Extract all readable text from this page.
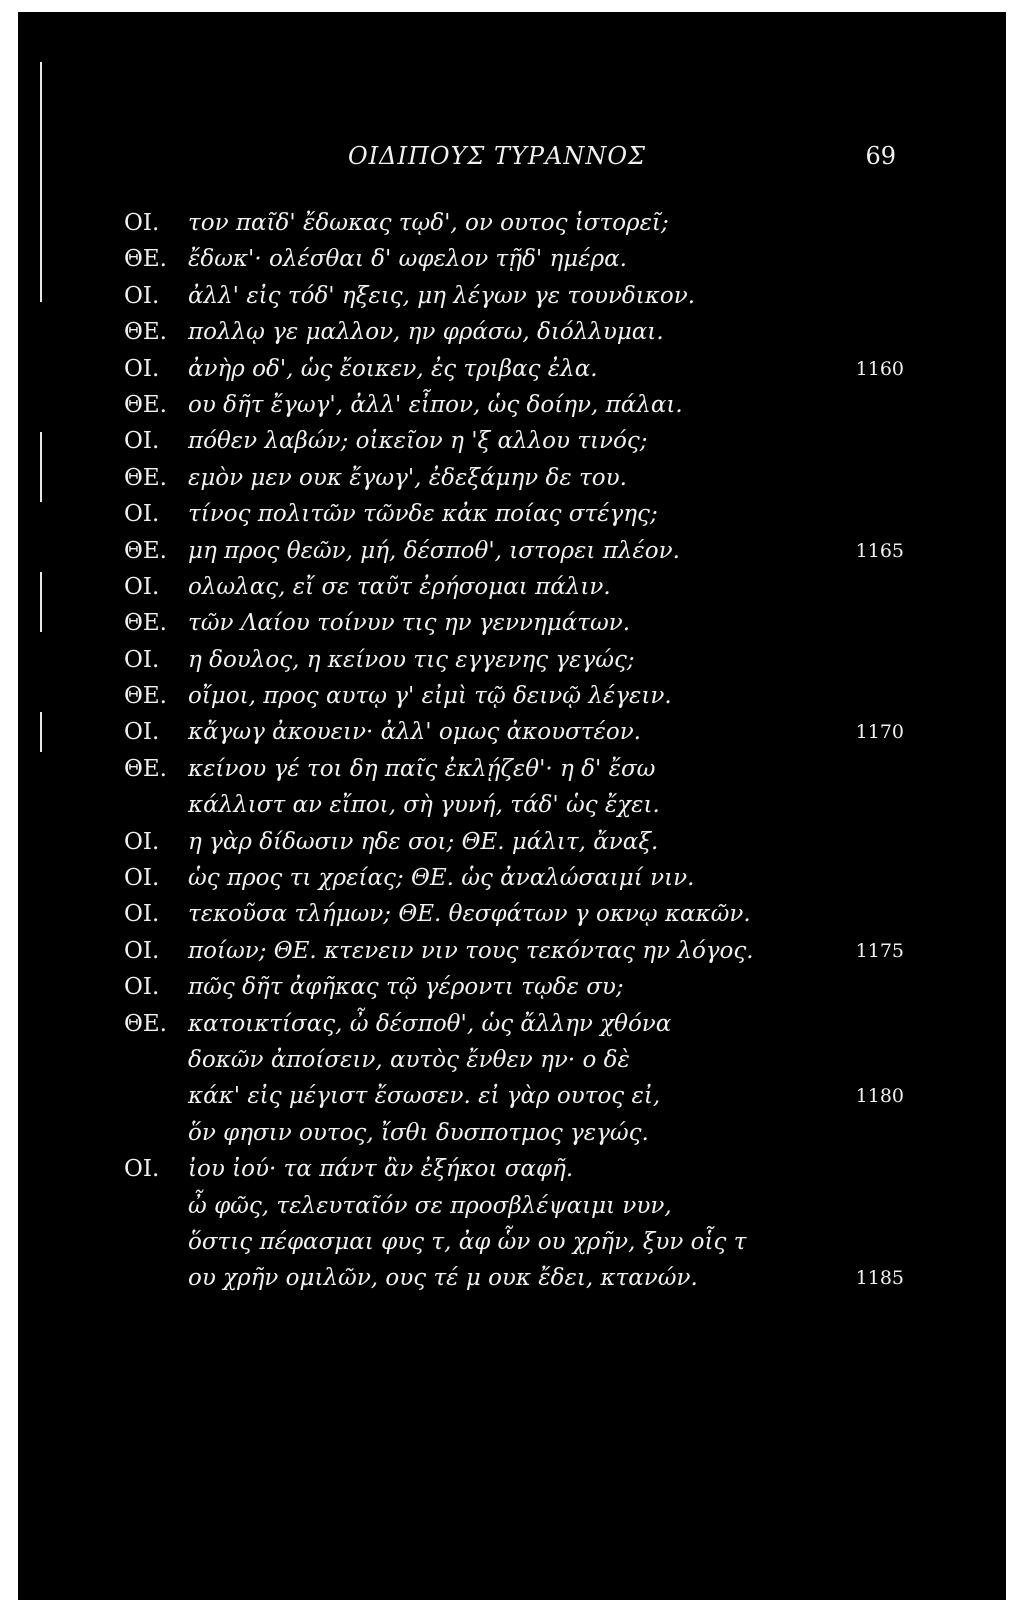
ΟΙΔΙΠΟΥΣ ΤΥΡΑΝΝΟΣ	69
ΟΙ. τον παῖδ' ἔδωκας τῳδ', ον ουτος ἱστορεῖ;
ΘΕ. ἔδωκ'· ολέσθαι δ' ωφελον τῇδ' ημέρα.
ΟΙ. ἀλλ' εἰς τόδ' ηξεις, μη λέγων γε τουνδικον.
ΘΕ. πολλῳ γε μαλλον, ην φράσω, διόλλυμαι.
ΟΙ. ἀνὴρ οδ', ὡς ἔοικεν, ἐς τριβας ἐλα.	1160
ΘΕ. ου δῆτ ἔγωγ', ἀλλ' εἶπον, ὡς δοίην, πάλαι.
ΟΙ. πόθεν λαβών; οἰκεῖον η 'ξ αλλου τινός;
ΘΕ. εμὸν μεν ουκ ἔγωγ', ἐδεξάμην δε του.
ΟΙ. τίνος πολιτῶν τῶνδε κἀκ ποίας στέγης;
ΘΕ. μη προς θεῶν, μή, δέσποθ', ιστορει πλέον.	1165
ΟΙ. ολωλας, εἴ σε ταῦτ ἐρήσομαι πάλιν.
ΘΕ. τῶν Λαίου τοίνυν τις ην γεννημάτων.
ΟΙ. η δουλος, η κείνου τις εγγενης γεγώς;
ΘΕ. οἴμοι, προς αυτῳ γ' εἰμὶ τῷ δεινῷ λέγειν.
ΟΙ. κἄγωγ ἀκουειν· ἀλλ' ομως ἀκουστέον.	1170
ΘΕ. κείνου γέ τοι δη παῖς ἐκλῄζεθ'· η δ' ἔσω
κάλλιστ αν εἴποι, σὴ γυνή, τάδ' ὡς ἔχει.
ΟΙ. η γὰρ δίδωσιν ηδε σοι; ΘΕ. μάλιτ, ἄναξ.
ΟΙ. ὡς προς τι χρείας; ΘΕ. ὡς ἀναλώσαιμί νιν.
ΟΙ. τεκοῦσα τλήμων; ΘΕ. θεσφάτων γ οκνῳ κακῶν.
ΟΙ. ποίων; ΘΕ. κτενειν νιν τους τεκόντας ην λόγος.	1175
ΟΙ. πῶς δῆτ ἀφῆκας τῷ γέροντι τῳδε συ;
ΘΕ. κατοικτίσας, ὦ δέσποθ', ὡς ἄλλην χθόνα
δοκῶν ἀποίσειν, αυτὸς ἔνθεν ην· ο δὲ
κάκ' εἰς μέγιστ ἔσωσεν. εἰ γὰρ ουτος εἰ,	1180
ὅν φησιν ουτος, ἴσθι δυσποτμος γεγώς.
ΟΙ. ἰου ἰού· τα πάντ ἂν ἐξήκοι σαφῆ.
ὦ φῶς, τελευταῖόν σε προσβλέψαιμι νυν,
ὅστις πέφασμαι φυς τ, ἀφ ὧν ου χρῆν, ξυν οἷς τ
ου χρῆν ομιλῶν, ους τέ μ ουκ ἔδει, κτανών.	1185
